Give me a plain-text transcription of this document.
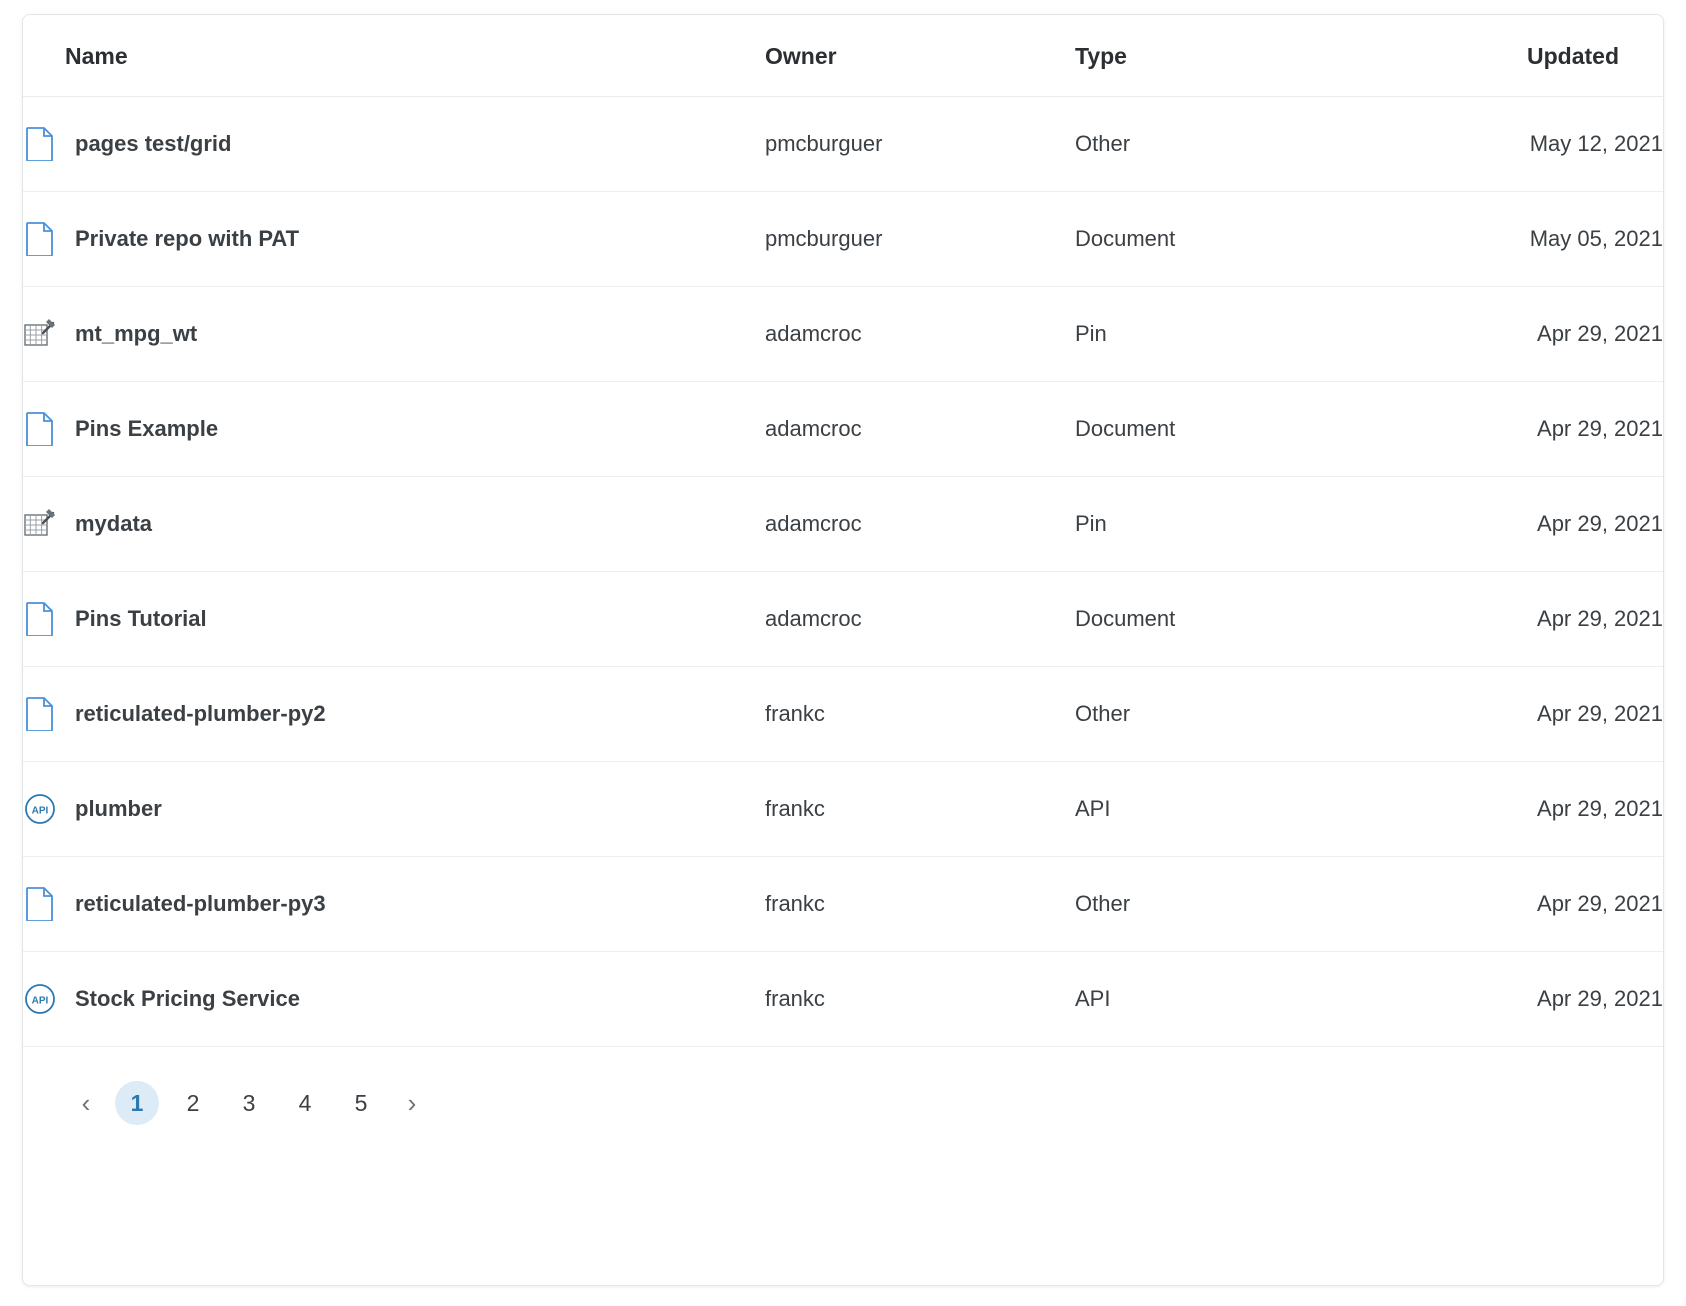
Name	Owner	Type	Updated

pages test/grid	pmcburguer	Other	May 12, 2021

Private repo with PAT	pmcburguer	Document	May 05, 2021

mt_mpg_wt	adamcroc	Pin	Apr 29, 2021

Pins Example	adamcroc	Document	Apr 29, 2021

mydata	adamcroc	Pin	Apr 29, 2021

Pins Tutorial	adamcroc	Document	Apr 29, 2021

reticulated-plumber-py2	frankc	Other	Apr 29, 2021

API plumber	frankc	API	Apr 29, 2021

reticulated-plumber-py3	frankc	Other	Apr 29, 2021

API Stock Pricing Service	frankc	API	Apr 29, 2021
‹	1	2	3	4	5	›
